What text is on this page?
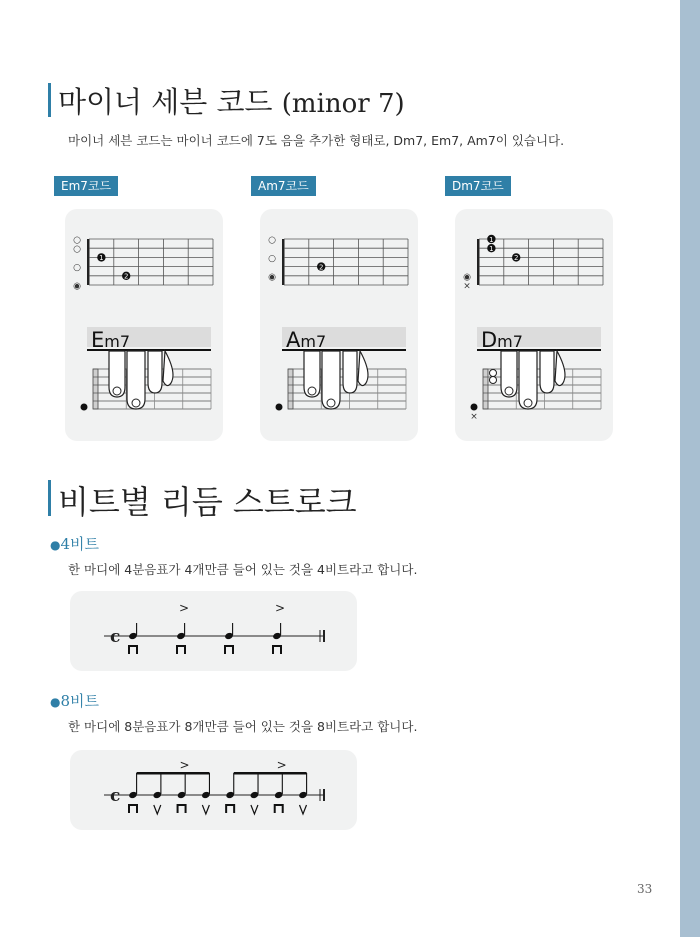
마이너 세븐 코드 (minor 7)
마이너 세븐 코드는 마이너 코드에 7도 음을 추가한 형태로, Dm7, Em7, Am7이 있습니다.
Em7코드	Am7코드	Dm7코드
○
○
○
◉
1
2
Em7
○
○
◉
2
Am7
◉
×
1
1
2
Dm7
×
비트별 리듬 스트로크
●4비트
한 마디에 4분음표가 4개만큼 들어 있는 것을 4비트라고 합니다.
c
>	>
●8비트
한 마디에 8분음표가 8개만큼 들어 있는 것을 8비트라고 합니다.
c
>	>
33
